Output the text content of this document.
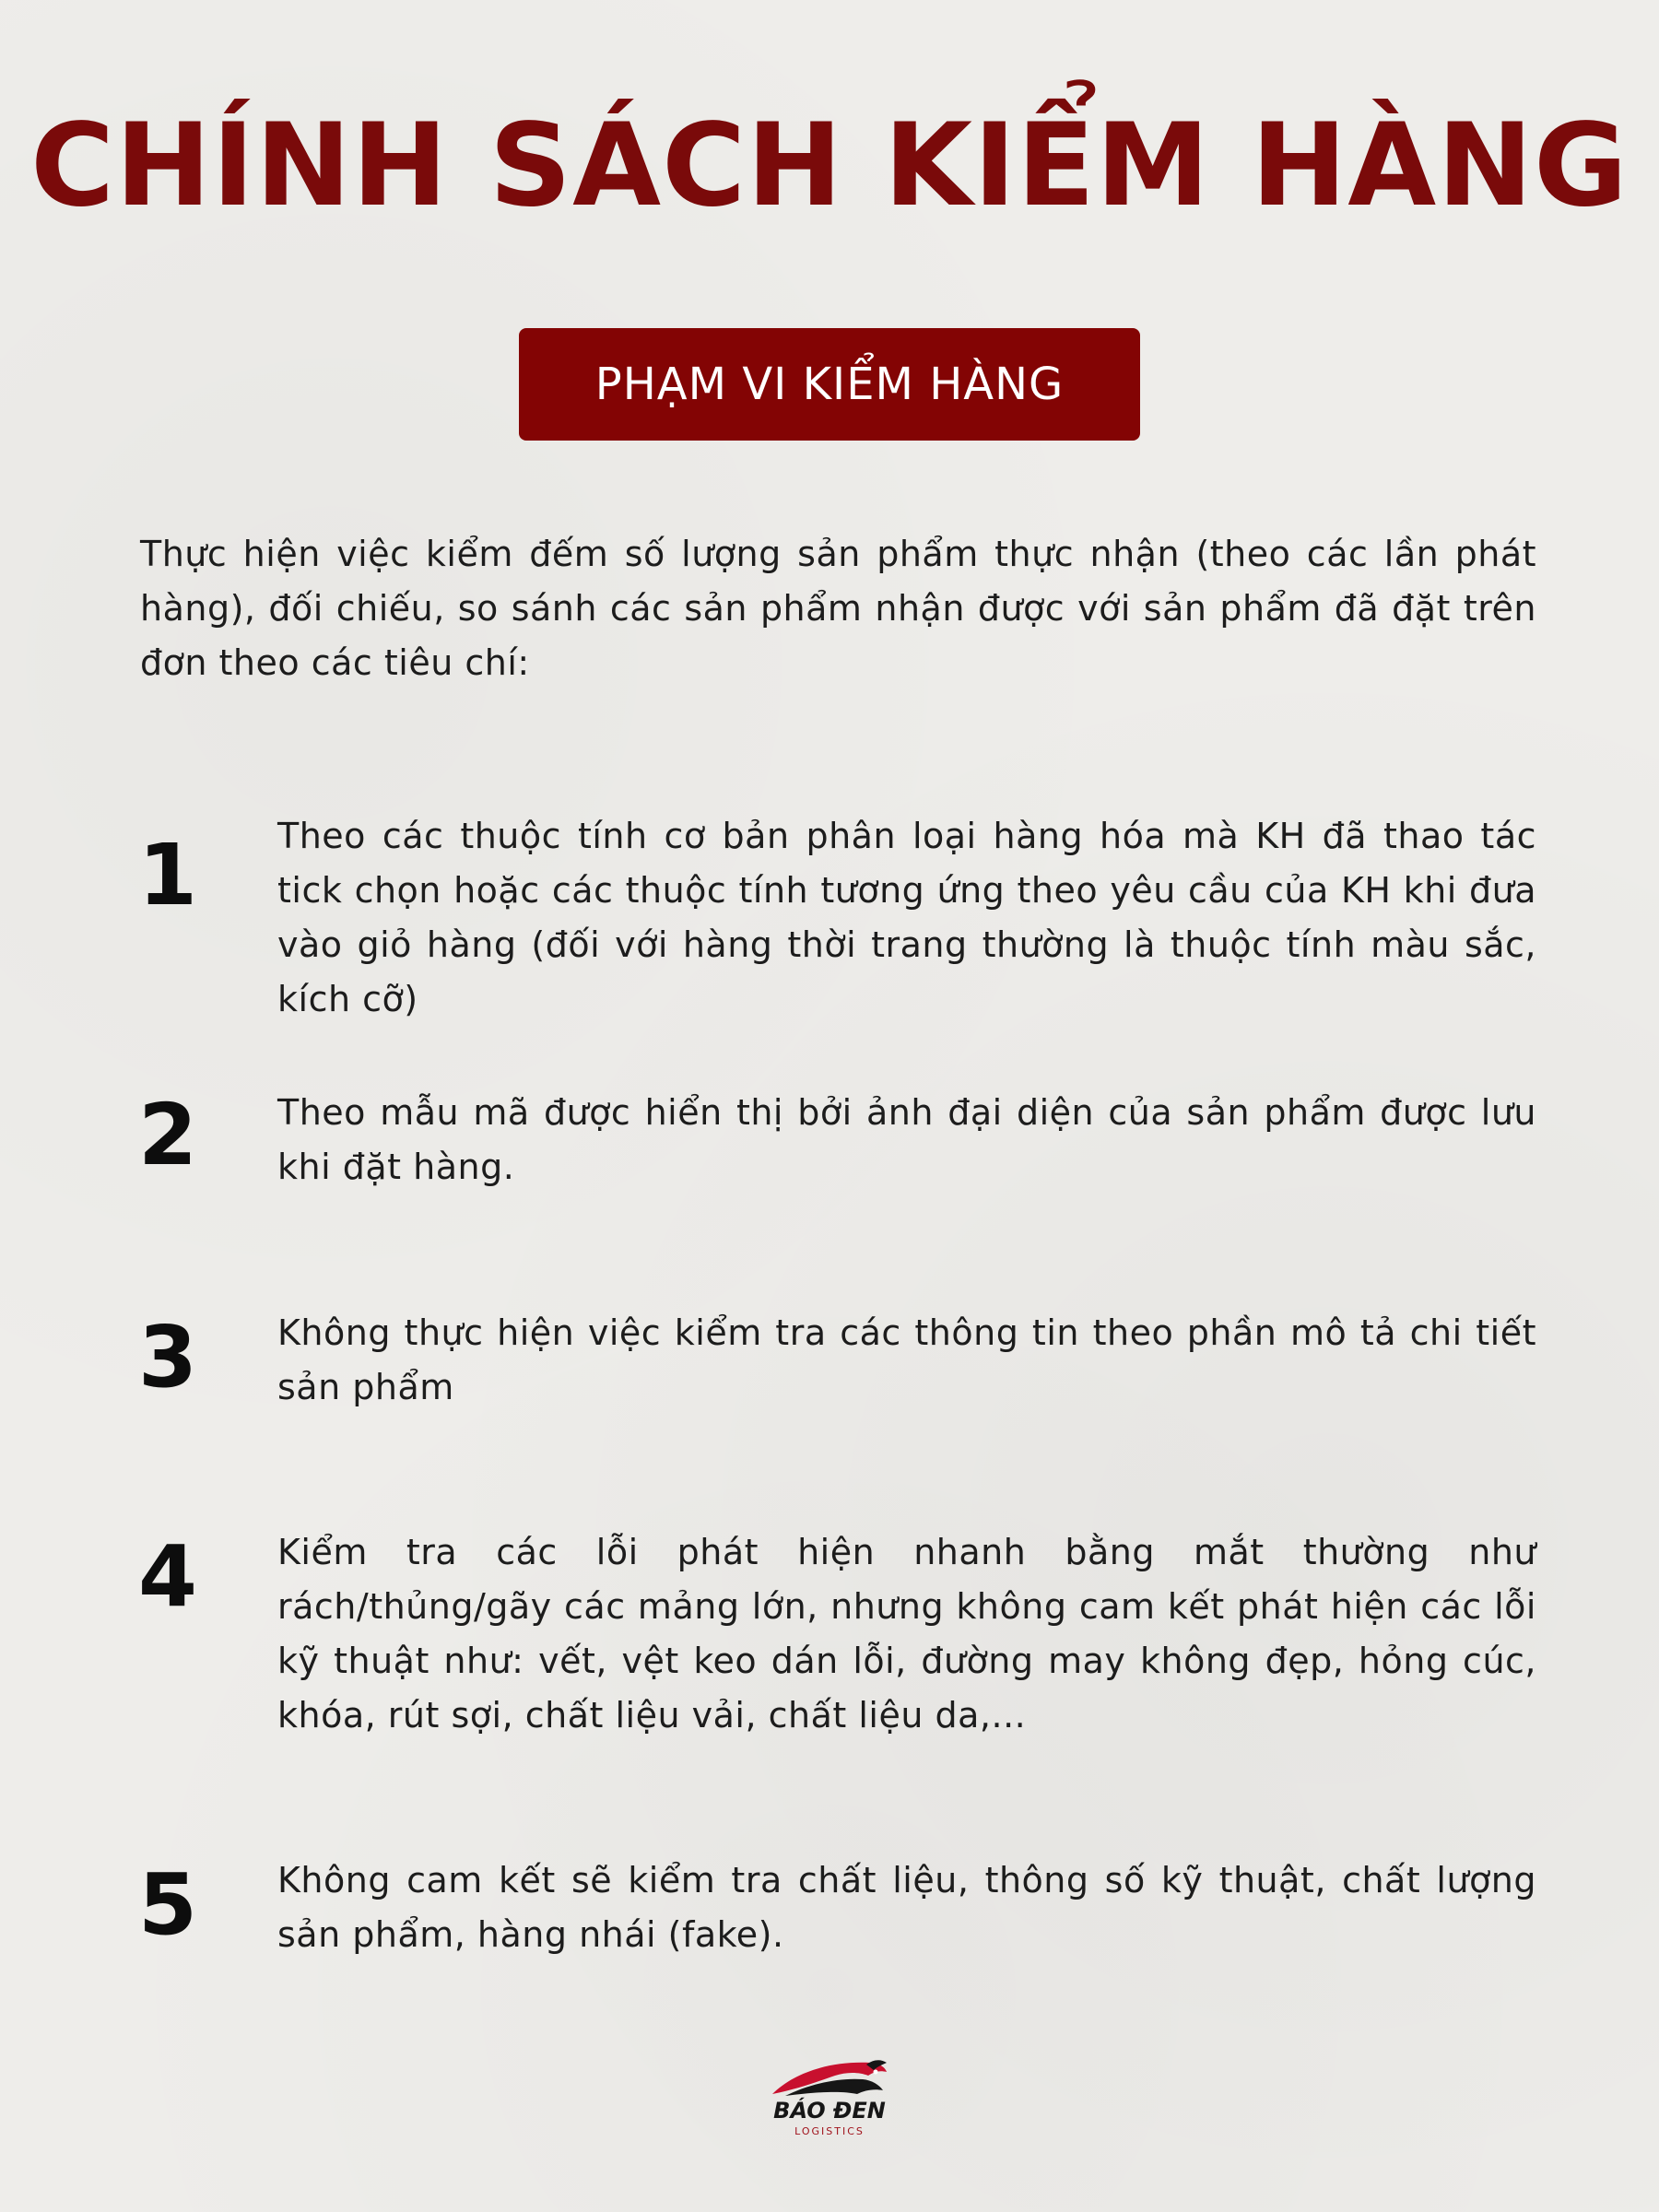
CHÍNH SÁCH KIỂM HÀNG
PHẠM VI KIỂM HÀNG

Thực hiện việc kiểm đếm số lượng sản phẩm thực nhận (theo các lần phát hàng), đối chiếu, so sánh các sản phẩm nhận được với sản phẩm đã đặt trên đơn theo các tiêu chí:

1 Theo các thuộc tính cơ bản phân loại hàng hóa mà KH đã thao tác tick chọn hoặc các thuộc tính tương ứng theo yêu cầu của KH khi đưa vào giỏ hàng (đối với hàng thời trang thường là thuộc tính màu sắc, kích cỡ)

2 Theo mẫu mã được hiển thị bởi ảnh đại diện của sản phẩm được lưu khi đặt hàng.

3 Không thực hiện việc kiểm tra các thông tin theo phần mô tả chi tiết sản phẩm

4 Kiểm tra các lỗi phát hiện nhanh bằng mắt thường như rách/thủng/gãy các mảng lớn, nhưng không cam kết phát hiện các lỗi kỹ thuật như: vết, vệt keo dán lỗi, đường may không đẹp, hỏng cúc, khóa, rút sợi, chất liệu vải, chất liệu da,...

5 Không cam kết sẽ kiểm tra chất liệu, thông số kỹ thuật, chất lượng sản phẩm, hàng nhái (fake).

BÁO ĐEN
LOGISTICS
